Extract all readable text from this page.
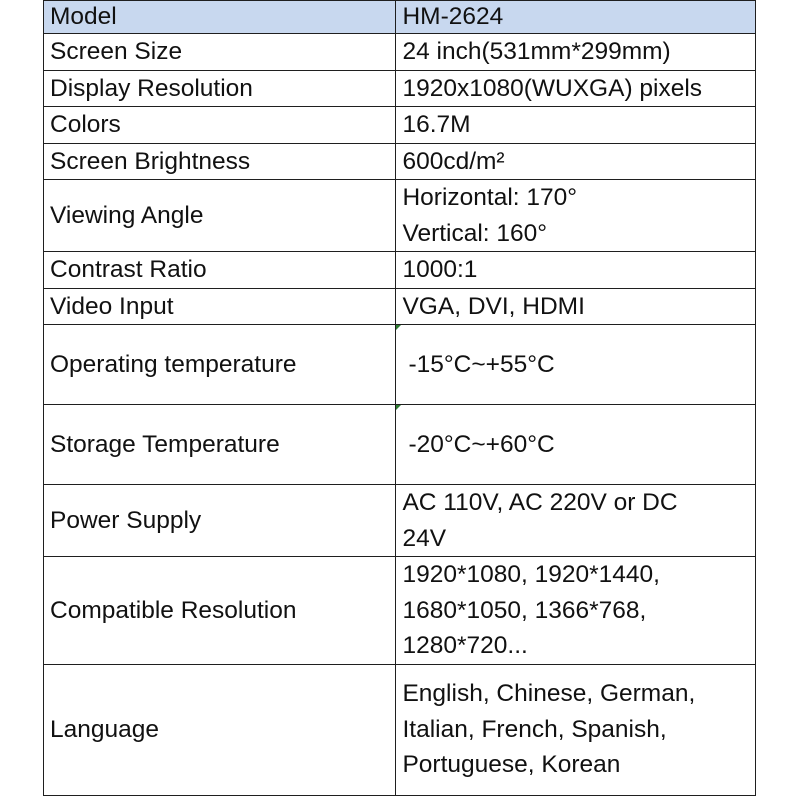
Model	HM-2624
Screen Size	24 inch(531mm*299mm)

Display Resolution	1920x1080(WUXGA) pixels

Colors	16.7M

Screen Brightness	600cd/m²

Viewing Angle	Horizontal: 170°
Vertical: 160°

Contrast Ratio	1000:1

Video Input	VGA, DVI, HDMI

Operating temperature	-15°C~+55°C

Storage Temperature	-20°C~+60°C

Power Supply	AC 110V, AC 220V or DC
24V

Compatible Resolution	1920*1080, 1920*1440,
1680*1050, 1366*768,
1280*720...

Language	English, Chinese, German,
Italian, French, Spanish,
Portuguese, Korean
